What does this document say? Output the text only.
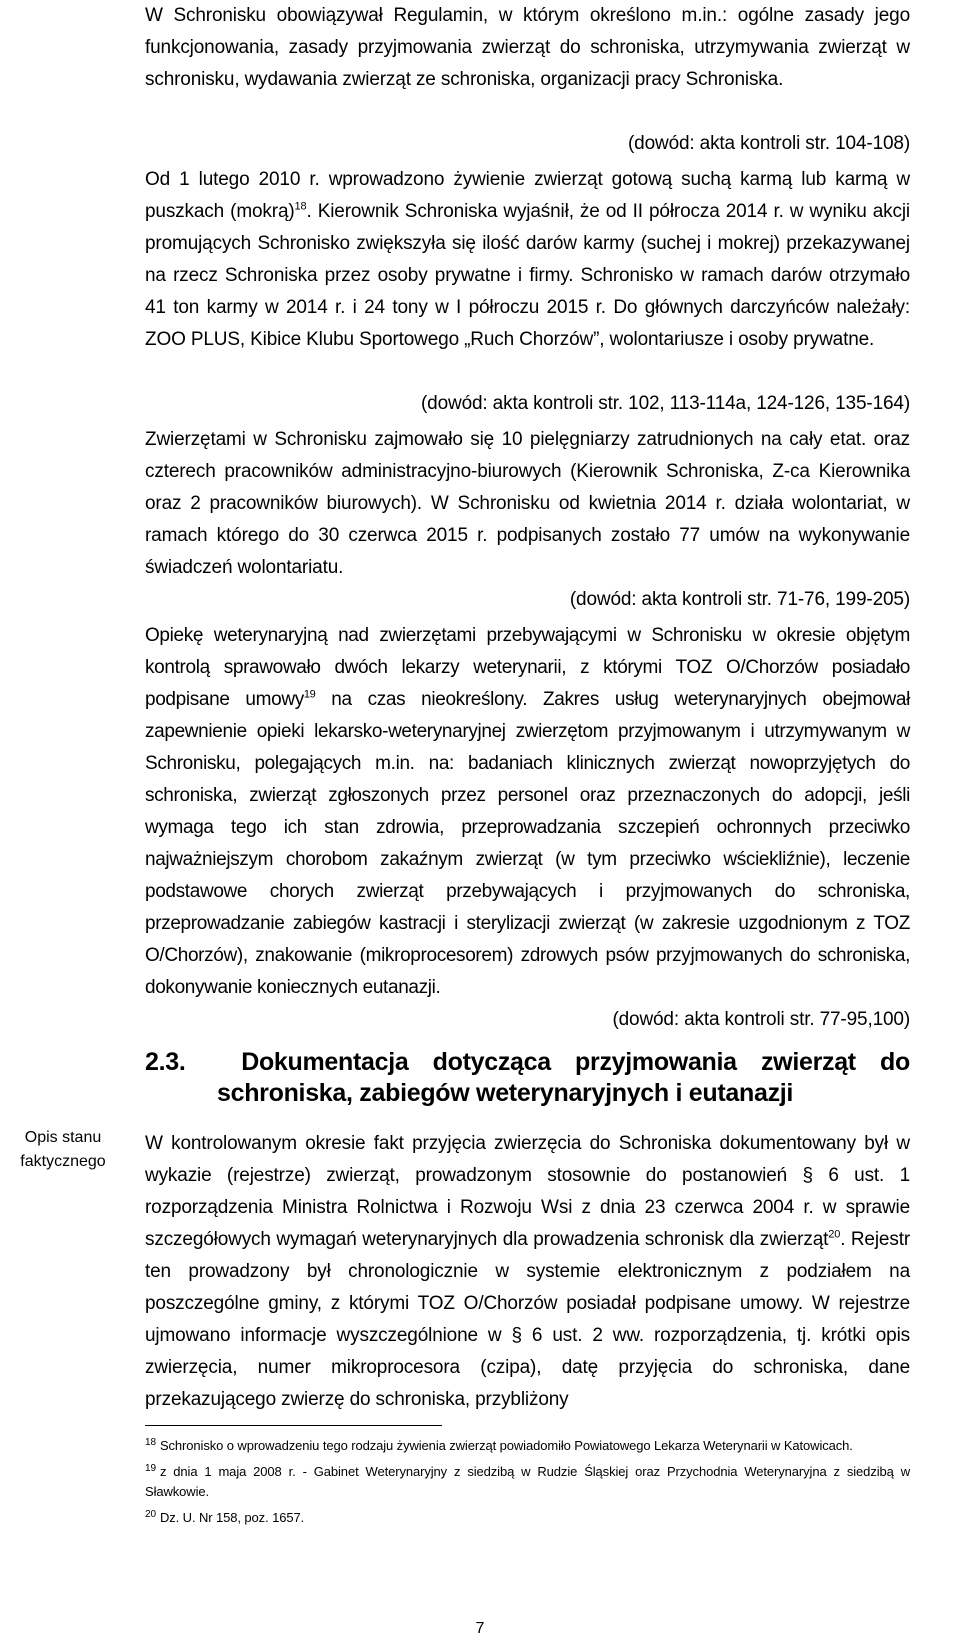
W Schronisku obowiązywał Regulamin, w którym określono m.in.: ogólne zasady jego funkcjonowania, zasady przyjmowania zwierząt do schroniska, utrzymywania zwierząt w schronisku, wydawania zwierząt ze schroniska, organizacji pracy Schroniska.

(dowód: akta kontroli str. 104-108)

Od 1 lutego 2010 r. wprowadzono żywienie zwierząt gotową suchą karmą lub karmą w puszkach (mokrą)$^{18}$. Kierownik Schroniska wyjaśnił, że od II półrocza 2014 r. w wyniku akcji promujących Schronisko zwiększyła się ilość darów karmy (suchej i mokrej) przekazywanej na rzecz Schroniska przez osoby prywatne i firmy. Schronisko w ramach darów otrzymało 41 ton karmy w 2014 r. i 24 tony w I półroczu 2015 r. Do głównych darczyńców należały: ZOO PLUS, Kibice Klubu Sportowego „Ruch Chorzów”, wolontariusze i osoby prywatne.

(dowód: akta kontroli str. 102, 113-114a, 124-126, 135-164)

Zwierzętami w Schronisku zajmowało się 10 pielęgniarzy zatrudnionych na cały etat. oraz czterech pracowników administracyjno-biurowych (Kierownik Schroniska, Z-ca Kierownika oraz 2 pracowników biurowych). W Schronisku od kwietnia 2014 r. działa wolontariat, w ramach którego do 30 czerwca 2015 r. podpisanych zostało 77 umów na wykonywanie świadczeń wolontariatu.

(dowód: akta kontroli str. 71-76, 199-205)

Opiekę weterynaryjną nad zwierzętami przebywającymi w Schronisku w okresie objętym kontrolą sprawowało dwóch lekarzy weterynarii, z którymi TOZ O/Chorzów posiadało podpisane umowy$^{19}$ na czas nieokreślony. Zakres usług weterynaryjnych obejmował zapewnienie opieki lekarsko-weterynaryjnej zwierzętom przyjmowanym i utrzymywanym w Schronisku, polegających m.in. na: badaniach klinicznych zwierząt nowoprzyjętych do schroniska, zwierząt zgłoszonych przez personel oraz przeznaczonych do adopcji, jeśli wymaga tego ich stan zdrowia, przeprowadzania szczepień ochronnych przeciwko najważniejszym chorobom zakaźnym zwierząt (w tym przeciwko wściekliźnie), leczenie podstawowe chorych zwierząt przebywających i przyjmowanych do schroniska, przeprowadzanie zabiegów kastracji i sterylizacji zwierząt (w zakresie uzgodnionym z TOZ O/Chorzów), znakowanie (mikroprocesorem) zdrowych psów przyjmowanych do schroniska, dokonywanie koniecznych eutanazji.

(dowód: akta kontroli str. 77-95,100)

2.3.	Dokumentacja dotycząca przyjmowania zwierząt do
schroniska, zabiegów weterynaryjnych i eutanazji
Opis stanu
faktycznego

W kontrolowanym okresie fakt przyjęcia zwierzęcia do Schroniska dokumentowany był w wykazie (rejestrze) zwierząt, prowadzonym stosownie do postanowień § 6 ust. 1 rozporządzenia Ministra Rolnictwa i Rozwoju Wsi z dnia 23 czerwca 2004 r. w sprawie szczegółowych wymagań weterynaryjnych dla prowadzenia schronisk dla zwierząt$^{20}$. Rejestr ten prowadzony był chronologicznie w systemie elektronicznym z podziałem na poszczególne gminy, z którymi TOZ O/Chorzów posiadał podpisane umowy. W rejestrze ujmowano informacje wyszczególnione w § 6 ust. 2 ww. rozporządzenia, tj. krótki opis zwierzęcia, numer mikroprocesora (czipa), datę przyjęcia do schroniska, dane przekazującego zwierzę do schroniska, przybliżony

$^{18}$ Schronisko o wprowadzeniu tego rodzaju żywienia zwierząt powiadomiło Powiatowego Lekarza Weterynarii w Katowicach.

$^{19}$ z dnia 1 maja 2008 r. - Gabinet Weterynaryjny z siedzibą w Rudzie Śląskiej oraz Przychodnia Weterynaryjna z siedzibą w Sławkowie.

$^{20}$ Dz. U. Nr 158, poz. 1657.

7
